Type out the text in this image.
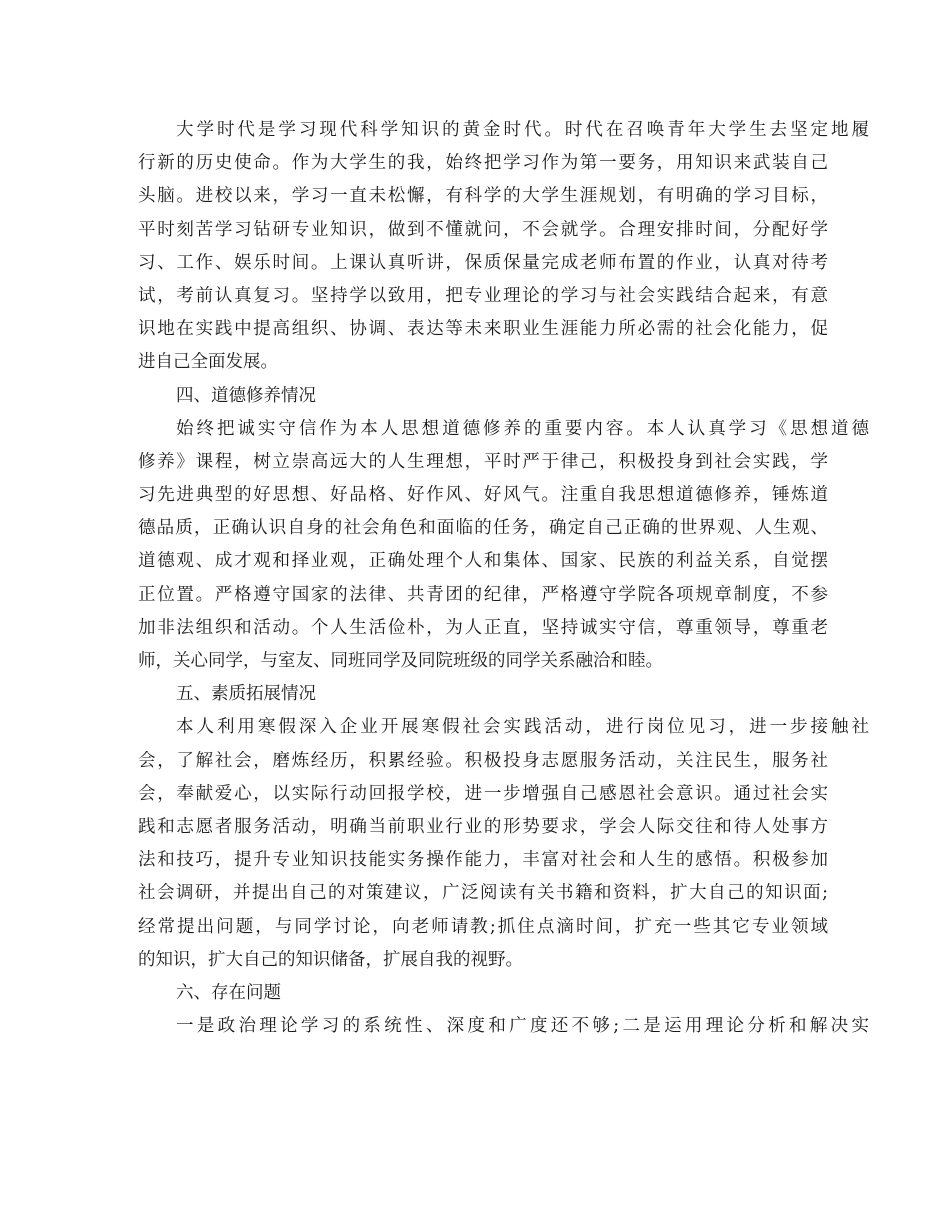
大学时代是学习现代科学知识的黄金时代。时代在召唤青年大学生去坚定地履
行新的历史使命。作为大学生的我，始终把学习作为第一要务，用知识来武装自己
头脑。进校以来，学习一直未松懈，有科学的大学生涯规划，有明确的学习目标，
平时刻苦学习钻研专业知识，做到不懂就问，不会就学。合理安排时间，分配好学
习、工作、娱乐时间。上课认真听讲，保质保量完成老师布置的作业，认真对待考
试，考前认真复习。坚持学以致用，把专业理论的学习与社会实践结合起来，有意
识地在实践中提高组织、协调、表达等未来职业生涯能力所必需的社会化能力，促
进自己全面发展。
四、道德修养情况
始终把诚实守信作为本人思想道德修养的重要内容。本人认真学习《思想道德
修养》课程，树立崇高远大的人生理想，平时严于律己，积极投身到社会实践，学
习先进典型的好思想、好品格、好作风、好风气。注重自我思想道德修养，锤炼道
德品质，正确认识自身的社会角色和面临的任务，确定自己正确的世界观、人生观、
道德观、成才观和择业观，正确处理个人和集体、国家、民族的利益关系，自觉摆
正位置。严格遵守国家的法律、共青团的纪律，严格遵守学院各项规章制度，不参
加非法组织和活动。个人生活俭朴，为人正直，坚持诚实守信，尊重领导，尊重老
师，关心同学，与室友、同班同学及同院班级的同学关系融洽和睦。
五、素质拓展情况
本人利用寒假深入企业开展寒假社会实践活动，进行岗位见习，进一步接触社
会，了解社会，磨炼经历，积累经验。积极投身志愿服务活动，关注民生，服务社
会，奉献爱心，以实际行动回报学校，进一步增强自己感恩社会意识。通过社会实
践和志愿者服务活动，明确当前职业行业的形势要求，学会人际交往和待人处事方
法和技巧，提升专业知识技能实务操作能力，丰富对社会和人生的感悟。积极参加
社会调研，并提出自己的对策建议，广泛阅读有关书籍和资料，扩大自己的知识面;
经常提出问题，与同学讨论，向老师请教;抓住点滴时间，扩充一些其它专业领域
的知识，扩大自己的知识储备，扩展自我的视野。
六、存在问题
一是政治理论学习的系统性、深度和广度还不够;二是运用理论分析和解决实
